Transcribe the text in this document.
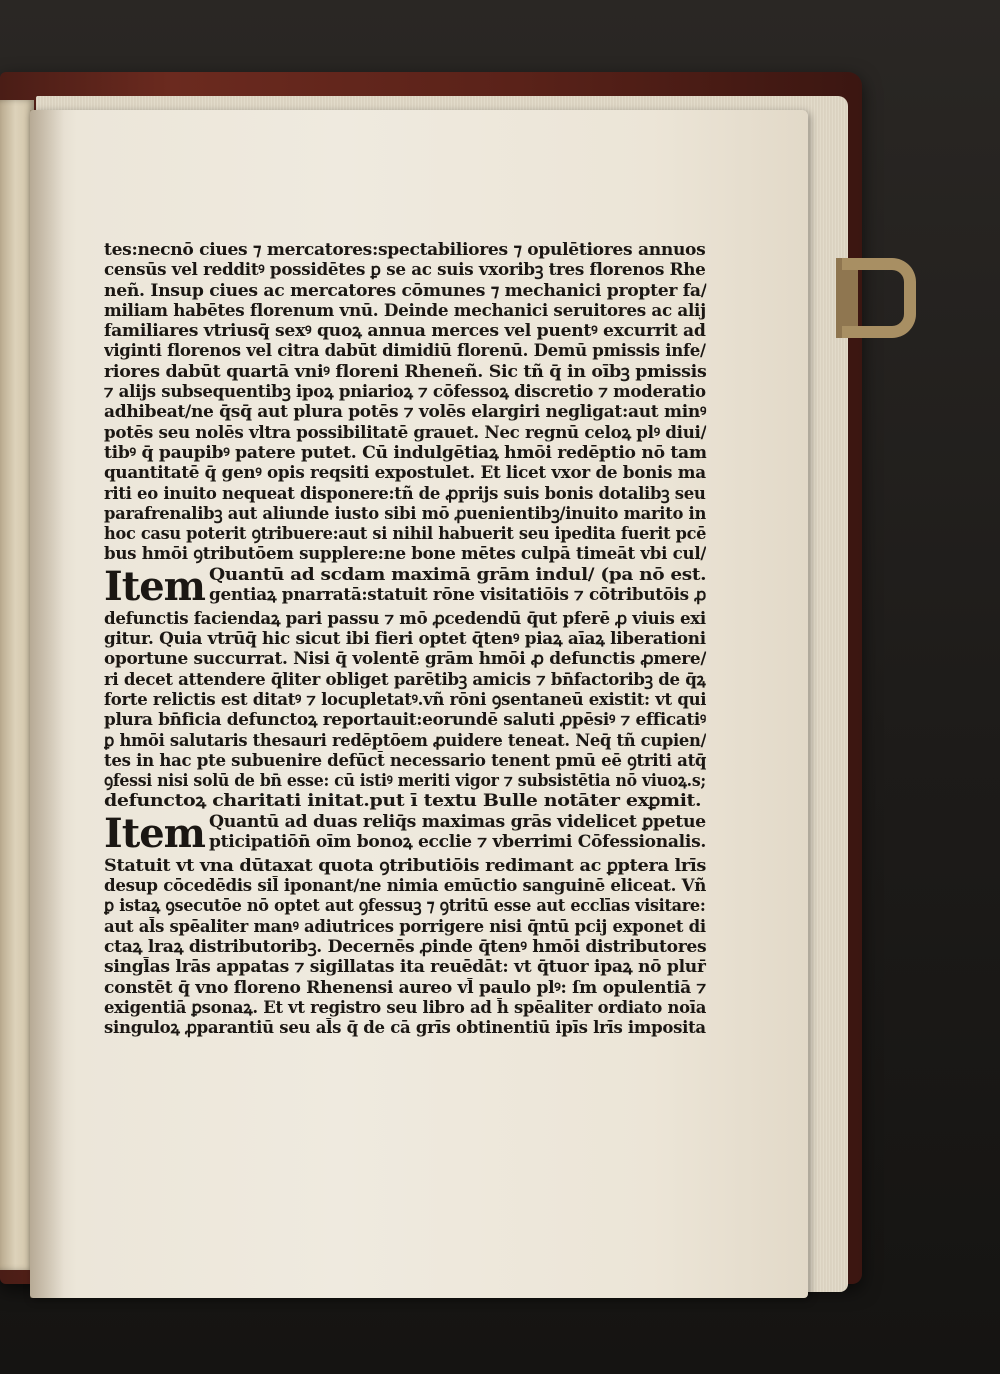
tes:necnō ciues ⁊ mercatores:spectabiliores ⁊ opulētiores annuos
censūs vel redditꝰ possidētes ꝑ se ac suis vxoribꝫ tres florenos Rhe
neñ. Insup ciues ac mercatores cōmunes ⁊ mechanici propter fa/
miliam habētes florenum vnū. Deinde mechanici seruitores ac alij
familiares vtriusq̄ sexꝰ quoꝝ annua merces vel puentꝰ excurrit ad
viginti florenos vel citra dabūt dimidiū florenū. Demū pmissis infe/
riores dabūt quartā vniꝰ floreni Rheneñ. Sic tñ q̄ in oībꝫ pmissis
⁊ alijs subsequentibꝫ ipoꝝ pniarioꝝ ⁊ cōfessoꝝ discretio ⁊ moderatio
adhibeat/ne q̄sq̄ aut plura potēs ⁊ volēs elargiri negligat:aut minꝰ
potēs seu nolēs vltra possibilitatē grauet. Nec regnū celoꝝ plꝰ diui/
tibꝰ q̄ paupibꝰ patere putet. Cū indulgētiaꝝ hmōi redēptio nō tam
quantitatē q̄ genꝰ opis reqsiti expostulet. Et licet vxor de bonis ma
riti eo inuito nequeat disponere:tñ de ꝓprijs suis bonis dotalibꝫ seu
parafrenalibꝫ aut aliunde iusto sibi mō ꝓuenientibꝫ/inuito marito in
hoc casu poterit ꝯtribuere:aut si nihil habuerit seu ipedita fuerit pcē
bus hmōi ꝯtributōem supplere:ne bone mētes culpā timeāt vbi cul/
Item Quantū ad scdam maximā grām indul/ (pa nō est.
gentiaꝝ pnarratā:statuit rōne visitatiōis ⁊ cōtributōis ꝓ
defunctis faciendaꝝ pari passu ⁊ mō ꝓcedendū q̄ut pferē ꝓ viuis exi
gitur. Quia vtrūq̄ hic sicut ibi fieri optet q̄tenꝰ piaꝝ aīaꝝ liberationi
oportune succurrat. Nisi q̄ volentē grām hmōi ꝓ defunctis ꝓmere/
ri decet attendere q̄liter obliget parētibꝫ amicis ⁊ bn̄factoribꝫ de q̄ꝝ
forte relictis est ditatꝰ ⁊ locupletatꝰ.vñ rōni ꝯsentaneū existit: vt qui
plura bn̄ficia defunctoꝝ reportauit:eorundē saluti ꝓpēsiꝰ ⁊ efficatiꝰ
ꝑ hmōi salutaris thesauri redēptōem ꝓuidere teneat. Neq̄ tñ cupien/
tes in hac pte subuenire defūct̄ necessario tenent pmū eē ꝯtriti atq̄
ꝯfessi nisi solū de bn̄ esse: cū istiꝰ meriti vigor ⁊ subsistētia nō viuoꝝ.s;
defunctoꝝ charitati initat.put ī textu Bulle notāter exꝑmit.
Item Quantū ad duas reliq̄s maximas grās videlicet ꝑpetue
pticipatiōn̄ oīm bonoꝝ ecclie ⁊ vberrimi Cōfessionalis.
Statuit vt vna dūtaxat quota ꝯtributiōis redimant ac ꝑptera lrīs
desup cōcedēdis sil̄ iponant/ne nimia emūctio sanguinē eliceat. Vñ
ꝑ istaꝝ ꝯsecutōe nō optet aut ꝯfessuꝫ ⁊ ꝯtritū esse aut ecclīas visitare:
aut al̄s spēaliter manꝰ adiutrices porrigere nisi q̄ntū pcij exponet di
ctaꝝ lraꝝ distributoribꝫ. Decernēs ꝓinde q̄tenꝰ hmōi distributores
singl̄as lrās appatas ⁊ sigillatas ita reuēdāt: vt q̄tuor ipaꝝ nō plur̄
constēt q̄ vno floreno Rhenensi aureo vl̄ paulo plꝰ: ſm opulentiā ⁊
exigentiā ꝑsonaꝝ. Et vt registro seu libro ad h̄ spēaliter ordiato noīa
singuloꝝ ꝓparantiū seu al̄s q̄ de cā grīs obtinentiū ipīs lrīs imposita
